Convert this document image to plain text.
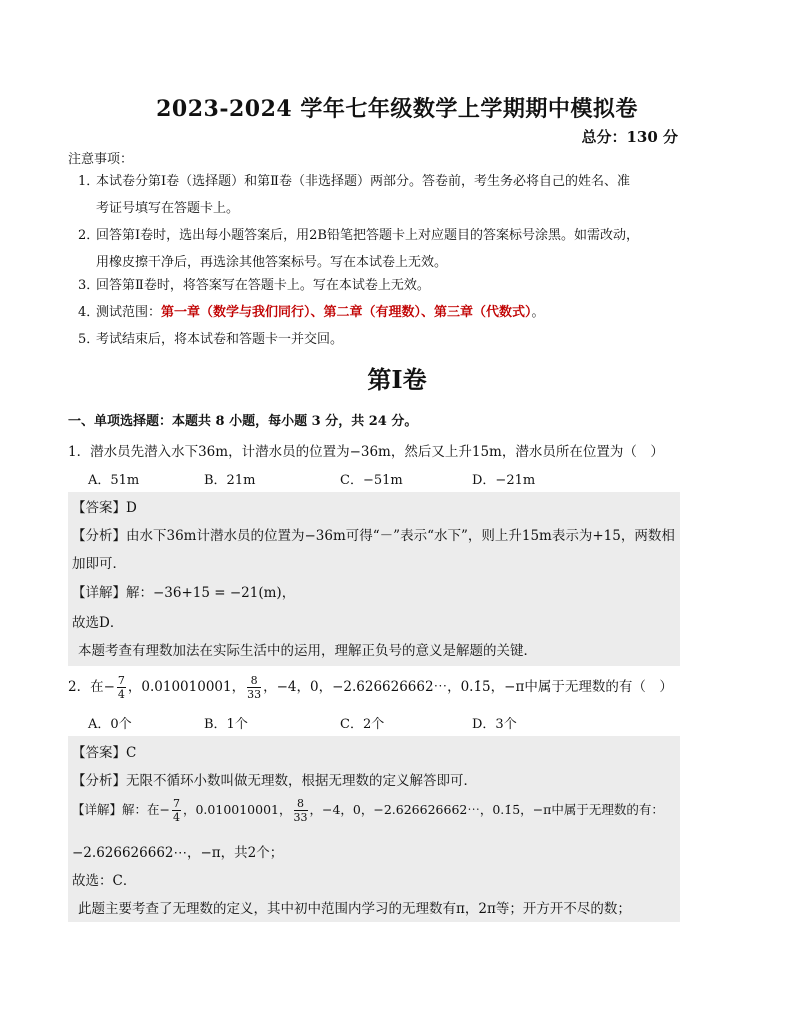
2023-2024 学年七年级数学上学期期中模拟卷
总分：130 分
注意事项：
1．本试卷分第Ⅰ卷（选择题）和第Ⅱ卷（非选择题）两部分。答卷前，考生务必将自己的姓名、准
考证号填写在答题卡上。
2．回答第Ⅰ卷时，选出每小题答案后，用2B铅笔把答题卡上对应题目的答案标号涂黑。如需改动，
用橡皮擦干净后，再选涂其他答案标号。写在本试卷上无效。
3．回答第Ⅱ卷时，将答案写在答题卡上。写在本试卷上无效。
4．测试范围：第一章（数学与我们同行）、第二章（有理数）、第三章（代数式）。
5．考试结束后，将本试卷和答题卡一并交回。
第Ⅰ卷
一、单项选择题：本题共 8 小题，每小题 3 分，共 24 分。
1．潜水员先潜入水下36m，计潜水员的位置为−36m，然后又上升15m，潜水员所在位置为（　）
A．51m	B．21m	C．−51m	D．−21m
【答案】D
【分析】由水下36m计潜水员的位置为−36m可得“－”表示“水下”，则上升15m表示为+15，两数相
加即可．
【详解】解：−36+15 = −21(m)，
故选D．
本题考查有理数加法在实际生活中的运用，理解正负号的意义是解题的关键．
2．在− $\frac{7}{4}$ ，0.010010001， $\frac{8}{33}$ ，−4，0，−2.626626662⋯，0.1̇5̇，−π中属于无理数的有（　）
A．0个	B．1个	C．2个	D．3个
【答案】C
【分析】无限不循环小数叫做无理数，根据无理数的定义解答即可．
【详解】解：在− $\frac{7}{4}$ ，0.010010001， $\frac{8}{33}$ ，−4，0，−2.626626662⋯，0.1̇5̇，−π中属于无理数的有：
−2.626626662⋯，−π，共2个；
故选：C．
此题主要考查了无理数的定义，其中初中范围内学习的无理数有π，2π等；开方开不尽的数；
